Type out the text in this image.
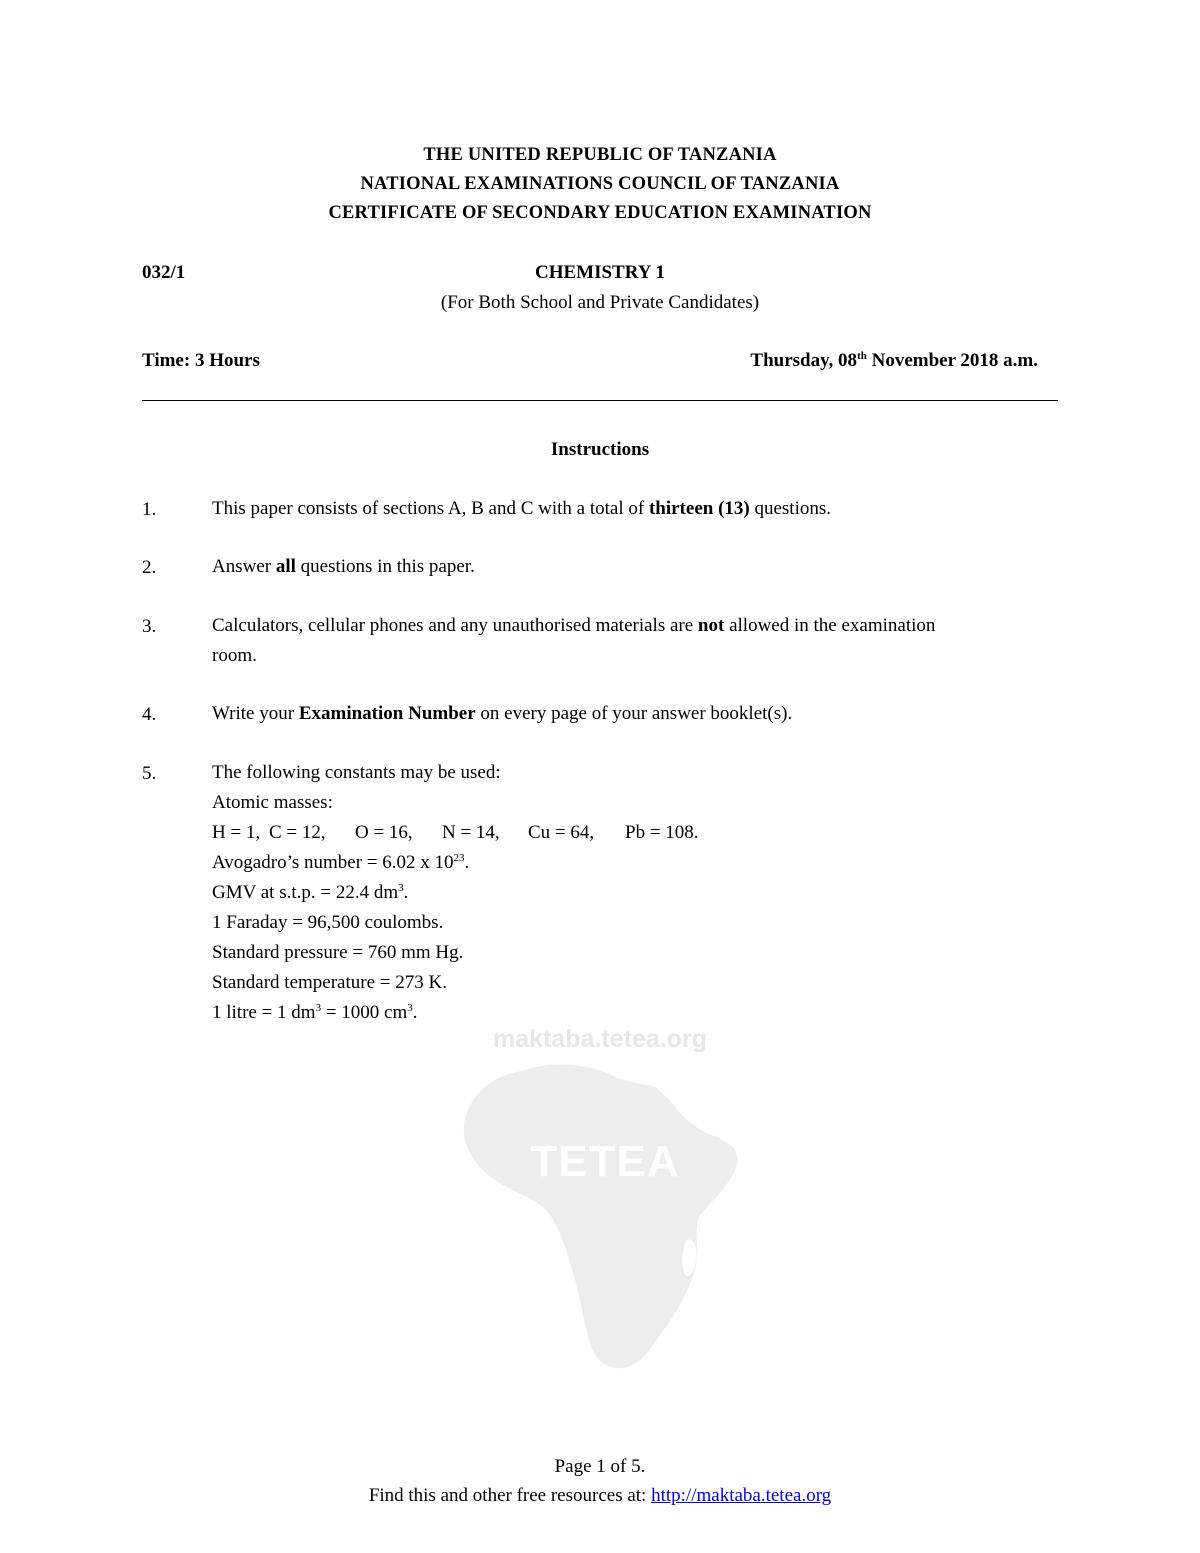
THE UNITED REPUBLIC OF TANZANIA
NATIONAL EXAMINATIONS COUNCIL OF TANZANIA
CERTIFICATE OF SECONDARY EDUCATION EXAMINATION
032/1	CHEMISTRY 1
(For Both School and Private Candidates)
Time: 3 Hours	Thursday, 08th November 2018 a.m.
Instructions
1.	This paper consists of sections A, B and C with a total of thirteen (13) questions.
2.	Answer all questions in this paper.
3.	Calculators, cellular phones and any unauthorised materials are not allowed in the examination
room.
4.	Write your Examination Number on every page of your answer booklet(s).
5.	The following constants may be used:
Atomic masses:
H = 1, C = 12, O = 16, N = 14, Cu = 64, Pb = 108.
Avogadro’s number = 6.02 x $10^{23}$.
GMV at s.t.p. = 22.4 $dm^3$.
1 Faraday = 96,500 coulombs.
Standard pressure = 760 mm Hg.
Standard temperature = 273 K.
1 litre = 1 $dm^3 = 1000$ $cm^3$.
maktaba.tetea.org
TETEA
Page 1 of 5.
Find this and other free resources at: http://maktaba.tetea.org
